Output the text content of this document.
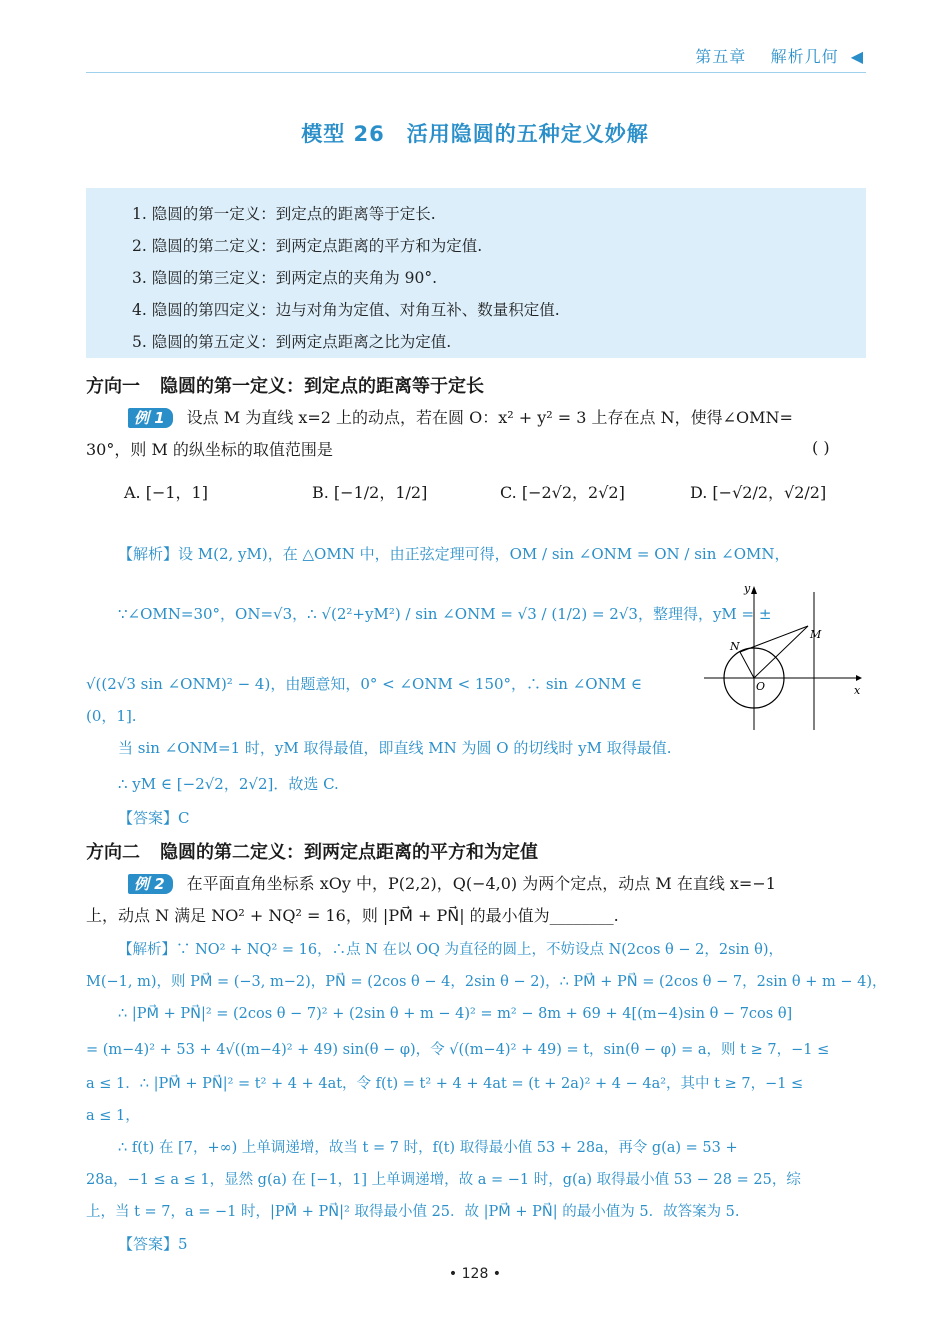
第五章 解析几何 ◀
模型 26 活用隐圆的五种定义妙解
1. 隐圆的第一定义：到定点的距离等于定长.
2. 隐圆的第二定义：到两定点距离的平方和为定值.
3. 隐圆的第三定义：到两定点的夹角为 90°.
4. 隐圆的第四定义：边与对角为定值、对角互补、数量积定值.
5. 隐圆的第五定义：到两定点距离之比为定值.
方向一 隐圆的第一定义：到定点的距离等于定长
例 1 设点 M 为直线 x=2 上的动点，若在圆 O：x² + y² = 3 上存在点 N，使得∠OMN=
30°，则 M 的纵坐标的取值范围是	( )
A. [−1，1]	B. [−1/2，1/2]	C. [−2√2，2√2]	D. [−√2/2，√2/2]
【解析】设 M(2, yM)，在 △OMN 中，由正弦定理可得，OM / sin ∠ONM = ON / sin ∠OMN，
∵∠OMN=30°，ON=√3，∴ √(2²+yM²) / sin ∠ONM = √3 / (1/2) = 2√3，整理得，yM = ±
√((2√3 sin ∠ONM)² − 4)，由题意知，0° < ∠ONM < 150°，∴ sin ∠ONM ∈
(0，1].
当 sin ∠ONM=1 时，yM 取得最值，即直线 MN 为圆 O 的切线时 yM 取得最值.
∴ yM ∈ [−2√2，2√2]．故选 C.
【答案】C
y
x
N
M
O
方向二 隐圆的第二定义：到两定点距离的平方和为定值
例 2 在平面直角坐标系 xOy 中，P(2,2)，Q(−4,0) 为两个定点，动点 M 在直线 x=−1
上，动点 N 满足 NO² + NQ² = 16，则 |PM⃗ + PN⃗| 的最小值为________.
【解析】∵ NO² + NQ² = 16，∴点 N 在以 OQ 为直径的圆上，不妨设点 N(2cos θ − 2，2sin θ)，
M(−1, m)，则 PM⃗ = (−3, m−2)，PN⃗ = (2cos θ − 4，2sin θ − 2)，∴ PM⃗ + PN⃗ = (2cos θ − 7，2sin θ + m − 4)，
∴ |PM⃗ + PN⃗|² = (2cos θ − 7)² + (2sin θ + m − 4)² = m² − 8m + 69 + 4[(m−4)sin θ − 7cos θ]
= (m−4)² + 53 + 4√((m−4)² + 49) sin(θ − φ)，令 √((m−4)² + 49) = t，sin(θ − φ) = a，则 t ≥ 7，−1 ≤
a ≤ 1．∴ |PM⃗ + PN⃗|² = t² + 4 + 4at，令 f(t) = t² + 4 + 4at = (t + 2a)² + 4 − 4a²，其中 t ≥ 7，−1 ≤
a ≤ 1，
∴ f(t) 在 [7，+∞) 上单调递增，故当 t = 7 时，f(t) 取得最小值 53 + 28a，再令 g(a) = 53 +
28a，−1 ≤ a ≤ 1，显然 g(a) 在 [−1，1] 上单调递增，故 a = −1 时，g(a) 取得最小值 53 − 28 = 25，综
上，当 t = 7，a = −1 时，|PM⃗ + PN⃗|² 取得最小值 25．故 |PM⃗ + PN⃗| 的最小值为 5．故答案为 5.
【答案】5
• 128 •
